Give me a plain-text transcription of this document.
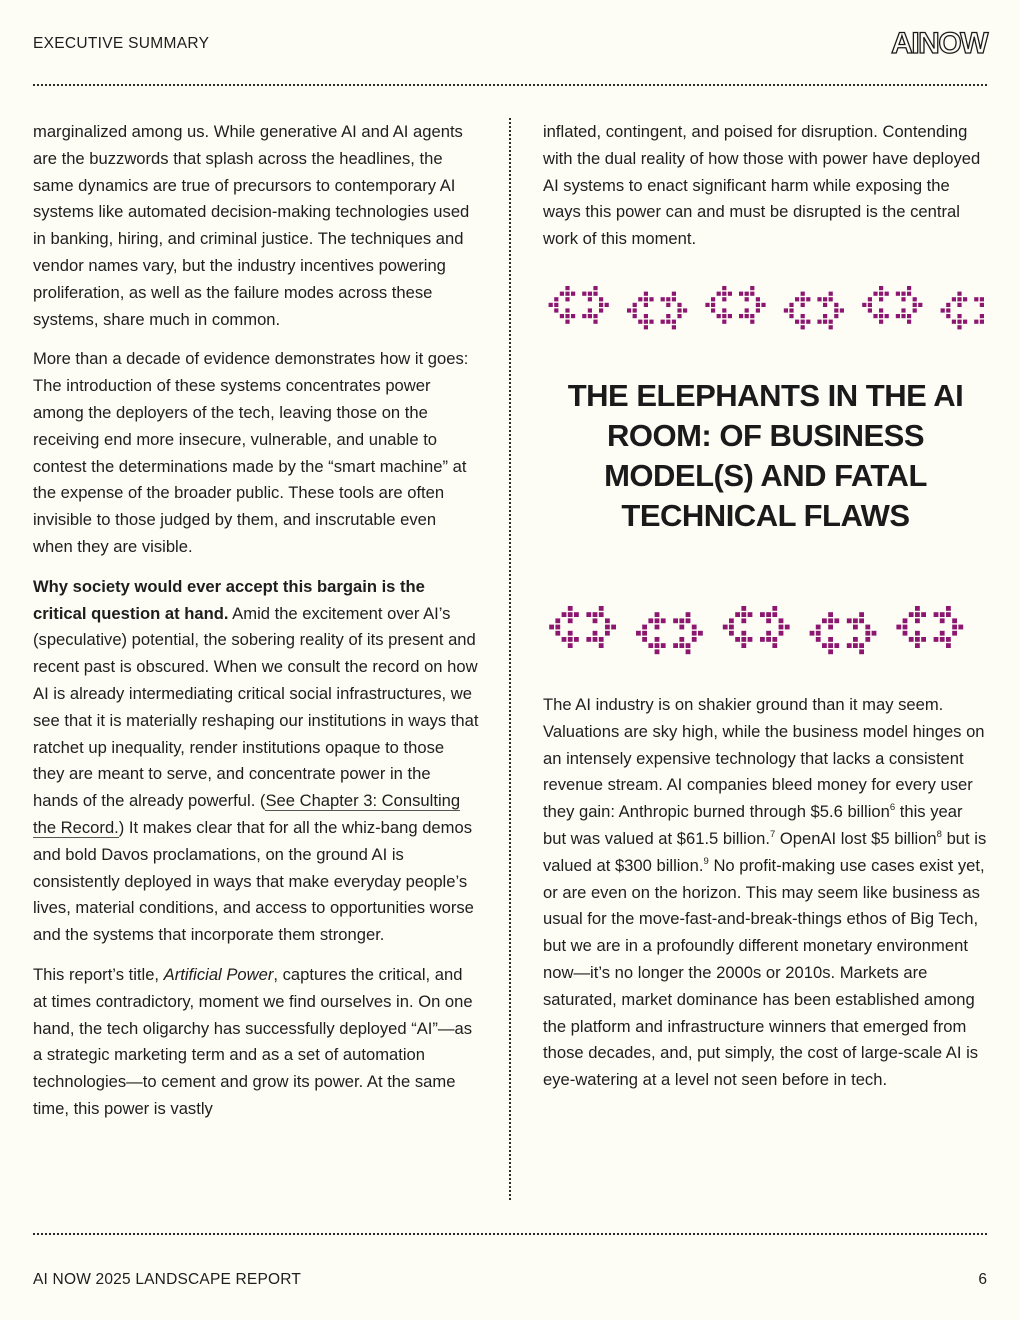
EXECUTIVE SUMMARY	AINOW

marginalized among us. While generative AI and AI agents are the buzzwords that splash across the headlines, the same dynamics are true of precursors to contemporary AI systems like automated decision-making technologies used in banking, hiring, and criminal justice. The techniques and vendor names vary, but the industry incentives powering proliferation, as well as the failure modes across these systems, share much in common.

More than a decade of evidence demonstrates how it goes: The introduction of these systems concentrates power among the deployers of the tech, leaving those on the receiving end more insecure, vulnerable, and unable to contest the determinations made by the “smart machine” at the expense of the broader public. These tools are often invisible to those judged by them, and inscrutable even when they are visible.

Why society would ever accept this bargain is the critical question at hand. Amid the excitement over AI’s (speculative) potential, the sobering reality of its present and recent past is obscured. When we consult the record on how AI is already intermediating critical social infrastructures, we see that it is materially reshaping our institutions in ways that ratchet up inequality, render institutions opaque to those they are meant to serve, and concentrate power in the hands of the already powerful. (See Chapter 3: Consulting the Record.) It makes clear that for all the whiz-bang demos and bold Davos proclamations, on the ground AI is consistently deployed in ways that make everyday people’s lives, material conditions, and access to opportunities worse and the systems that incorporate them stronger.

This report’s title, Artificial Power, captures the critical, and at times contradictory, moment we find ourselves in. On one hand, the tech oligarchy has successfully deployed “AI”—as a strategic marketing term and as a set of automation technologies—to cement and grow its power. At the same time, this power is vastly

inflated, contingent, and poised for disruption. Contending with the dual reality of how those with power have deployed AI systems to enact significant harm while exposing the ways this power can and must be disrupted is the central work of this moment.

THE ELEPHANTS IN THE AI ROOM: OF BUSINESS MODEL(S) AND FATAL TECHNICAL FLAWS

The AI industry is on shakier ground than it may seem. Valuations are sky high, while the business model hinges on an intensely expensive technology that lacks a consistent revenue stream. AI companies bleed money for every user they gain: Anthropic burned through $5.6 billion$^6$ this year but was valued at $61.5 billion.$^7$ OpenAI lost $5 billion$^8$ but is valued at $300 billion.$^9$ No profit-making use cases exist yet, or are even on the horizon. This may seem like business as usual for the move-fast-and-break-things ethos of Big Tech, but we are in a profoundly different monetary environment now—it’s no longer the 2000s or 2010s. Markets are saturated, market dominance has been established among the platform and infrastructure winners that emerged from those decades, and, put simply, the cost of large-scale AI is eye-watering at a level not seen before in tech.

AI NOW 2025 LANDSCAPE REPORT	6
